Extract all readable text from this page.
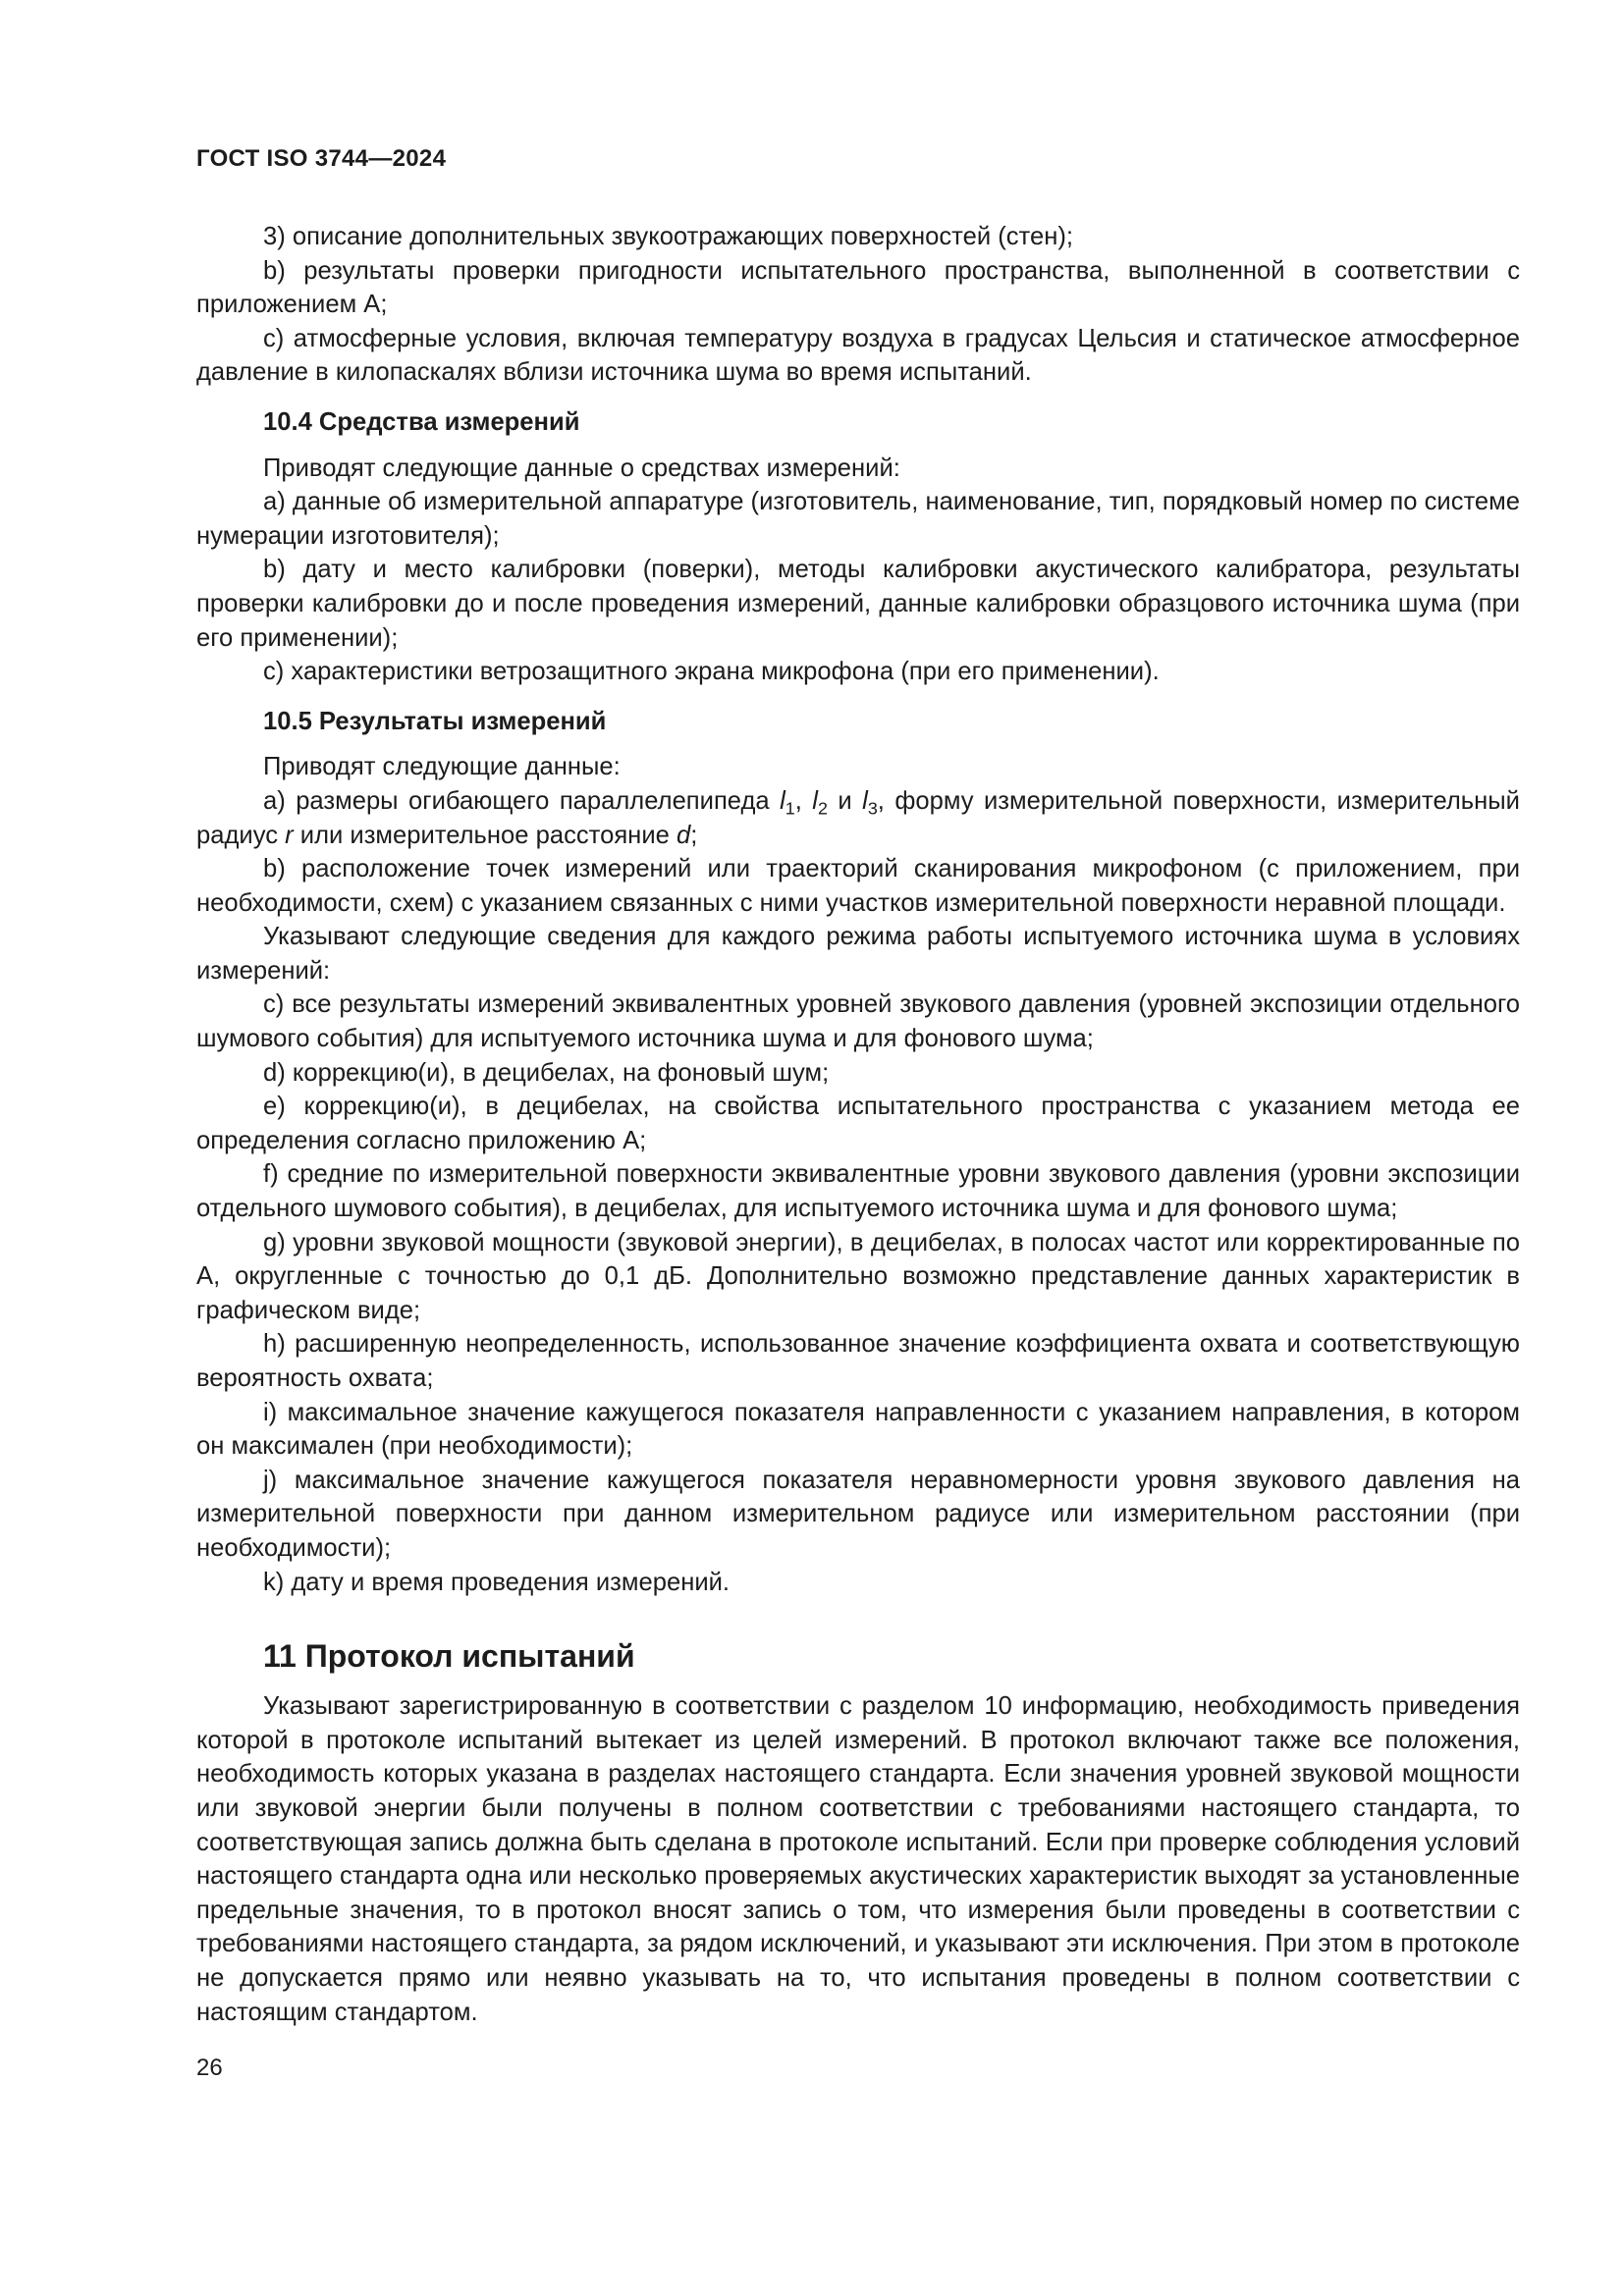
ГОСТ ISO 3744—2024

3) описание дополнительных звукоотражающих поверхностей (стен);

b) результаты проверки пригодности испытательного пространства, выполненной в соответствии с приложением А;

c) атмосферные условия, включая температуру воздуха в градусах Цельсия и статическое атмосферное давление в килопаскалях вблизи источника шума во время испытаний.

10.4 Средства измерений

Приводят следующие данные о средствах измерений:

а) данные об измерительной аппаратуре (изготовитель, наименование, тип, порядковый номер по системе нумерации изготовителя);

b) дату и место калибровки (поверки), методы калибровки акустического калибратора, результаты проверки калибровки до и после проведения измерений, данные калибровки образцового источника шума (при его применении);

c) характеристики ветрозащитного экрана микрофона (при его применении).

10.5 Результаты измерений

Приводят следующие данные:

а) размеры огибающего параллелепипеда $l_1$, $l_2$ и $l_3$, форму измерительной поверхности, измерительный радиус r или измерительное расстояние d;

b) расположение точек измерений или траекторий сканирования микрофоном (с приложением, при необходимости, схем) с указанием связанных с ними участков измерительной поверхности неравной площади.

Указывают следующие сведения для каждого режима работы испытуемого источника шума в условиях измерений:

c) все результаты измерений эквивалентных уровней звукового давления (уровней экспозиции отдельного шумового события) для испытуемого источника шума и для фонового шума;

d) коррекцию(и), в децибелах, на фоновый шум;

e) коррекцию(и), в децибелах, на свойства испытательного пространства с указанием метода ее определения согласно приложению А;

f) средние по измерительной поверхности эквивалентные уровни звукового давления (уровни экспозиции отдельного шумового события), в децибелах, для испытуемого источника шума и для фонового шума;

g) уровни звуковой мощности (звуковой энергии), в децибелах, в полосах частот или корректированные по А, округленные с точностью до 0,1 дБ. Дополнительно возможно представление данных характеристик в графическом виде;

h) расширенную неопределенность, использованное значение коэффициента охвата и соответствующую вероятность охвата;

i) максимальное значение кажущегося показателя направленности с указанием направления, в котором он максимален (при необходимости);

j) максимальное значение кажущегося показателя неравномерности уровня звукового давления на измерительной поверхности при данном измерительном радиусе или измерительном расстоянии (при необходимости);

k) дату и время проведения измерений.

11 Протокол испытаний

Указывают зарегистрированную в соответствии с разделом 10 информацию, необходимость приведения которой в протоколе испытаний вытекает из целей измерений. В протокол включают также все положения, необходимость которых указана в разделах настоящего стандарта. Если значения уровней звуковой мощности или звуковой энергии были получены в полном соответствии с требованиями настоящего стандарта, то соответствующая запись должна быть сделана в протоколе испытаний. Если при проверке соблюдения условий настоящего стандарта одна или несколько проверяемых акустических характеристик выходят за установленные предельные значения, то в протокол вносят запись о том, что измерения были проведены в соответствии с требованиями настоящего стандарта, за рядом исключений, и указывают эти исключения. При этом в протоколе не допускается прямо или неявно указывать на то, что испытания проведены в полном соответствии с настоящим стандартом.

26
